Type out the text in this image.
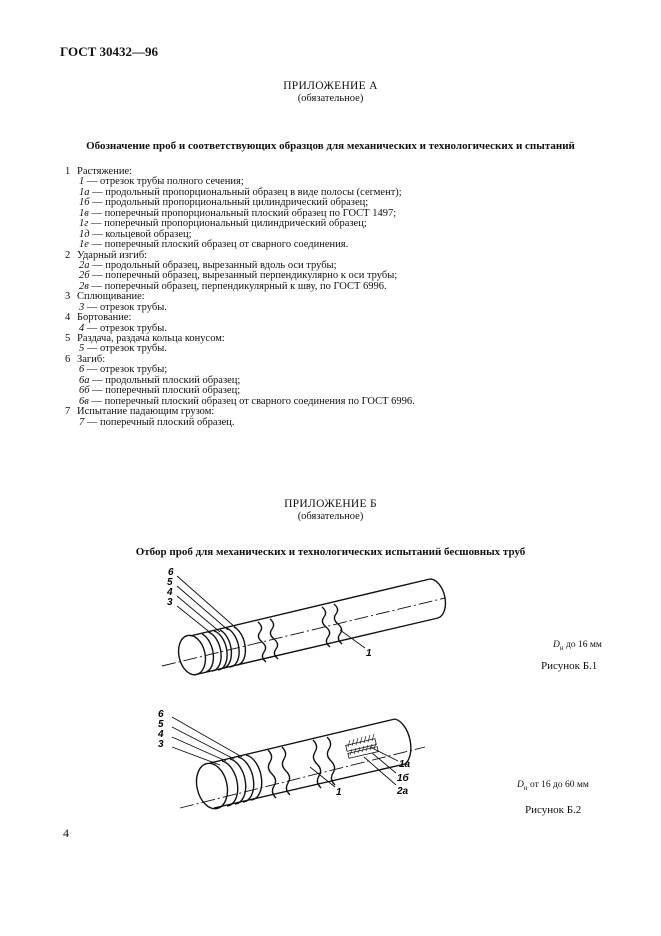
ГОСТ 30432—96
ПРИЛОЖЕНИЕ А
(обязательное)
Обозначение проб и соответствующих образцов для механических и технологических и спытаний
1 Растяжение:
1 — отрезок трубы полного сечения;
1а — продольный пропорциональный образец в виде полосы (сегмент);
1б — продольный пропорциональный цилиндрический образец;
1в — поперечный пропорциональный плоский образец по ГОСТ 1497;
1г — поперечный пропорциональный цилиндрический образец;
1д — кольцевой образец;
1е — поперечный плоский образец от сварного соединения.
2 Ударный изгиб:
2а — продольный образец, вырезанный вдоль оси трубы;
2б — поперечный образец, вырезанный перпендикулярно к оси трубы;
2в — поперечный образец, перпендикулярный к шву, по ГОСТ 6996.
3 Сплющивание:
3 — отрезок трубы.
4 Бортование:
4 — отрезок трубы.
5 Раздача, раздача кольца конусом:
5 — отрезок трубы.
6 Загиб:
6 — отрезок трубы;
6а — продольный плоский образец;
6б — поперечный плоский образец;
6в — поперечный плоский образец от сварного соединения по ГОСТ 6996.
7 Испытание падающим грузом:
7 — поперечный плоский образец.
ПРИЛОЖЕНИЕ Б
(обязательное)
Отбор проб для механических и технологических испытаний бесшовных труб
6
5
4
3
1
$D_н$ до 16 мм
Рисунок Б.1
6
5
4
3
1
1а
1б
2а
$D_н$ от 16 до 60 мм
Рисунок Б.2
4
